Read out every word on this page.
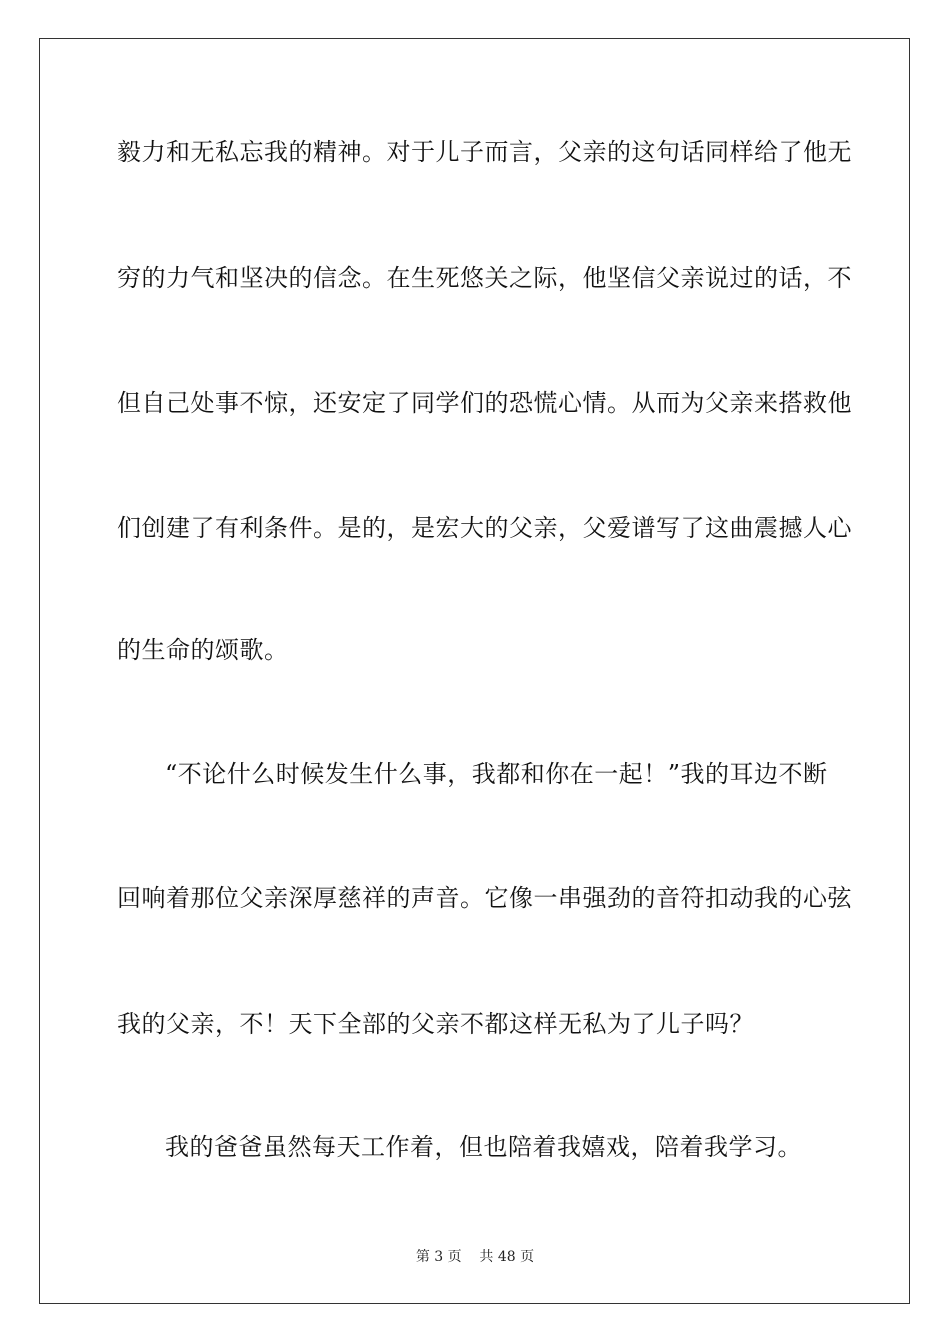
毅力和无私忘我的精神。对于儿子而言，父亲的这句话同样给了他无
穷的力气和坚决的信念。在生死悠关之际，他坚信父亲说过的话，不
但自己处事不惊，还安定了同学们的恐慌心情。从而为父亲来搭救他
们创建了有利条件。是的，是宏大的父亲，父爱谱写了这曲震撼人心
的生命的颂歌。
“不论什么时候发生什么事，我都和你在一起！”我的耳边不断
回响着那位父亲深厚慈祥的声音。它像一串强劲的音符扣动我的心弦
我的父亲，不！天下全部的父亲不都这样无私为了儿子吗？
我的爸爸虽然每天工作着，但也陪着我嬉戏，陪着我学习。
第 3 页    共 48 页
